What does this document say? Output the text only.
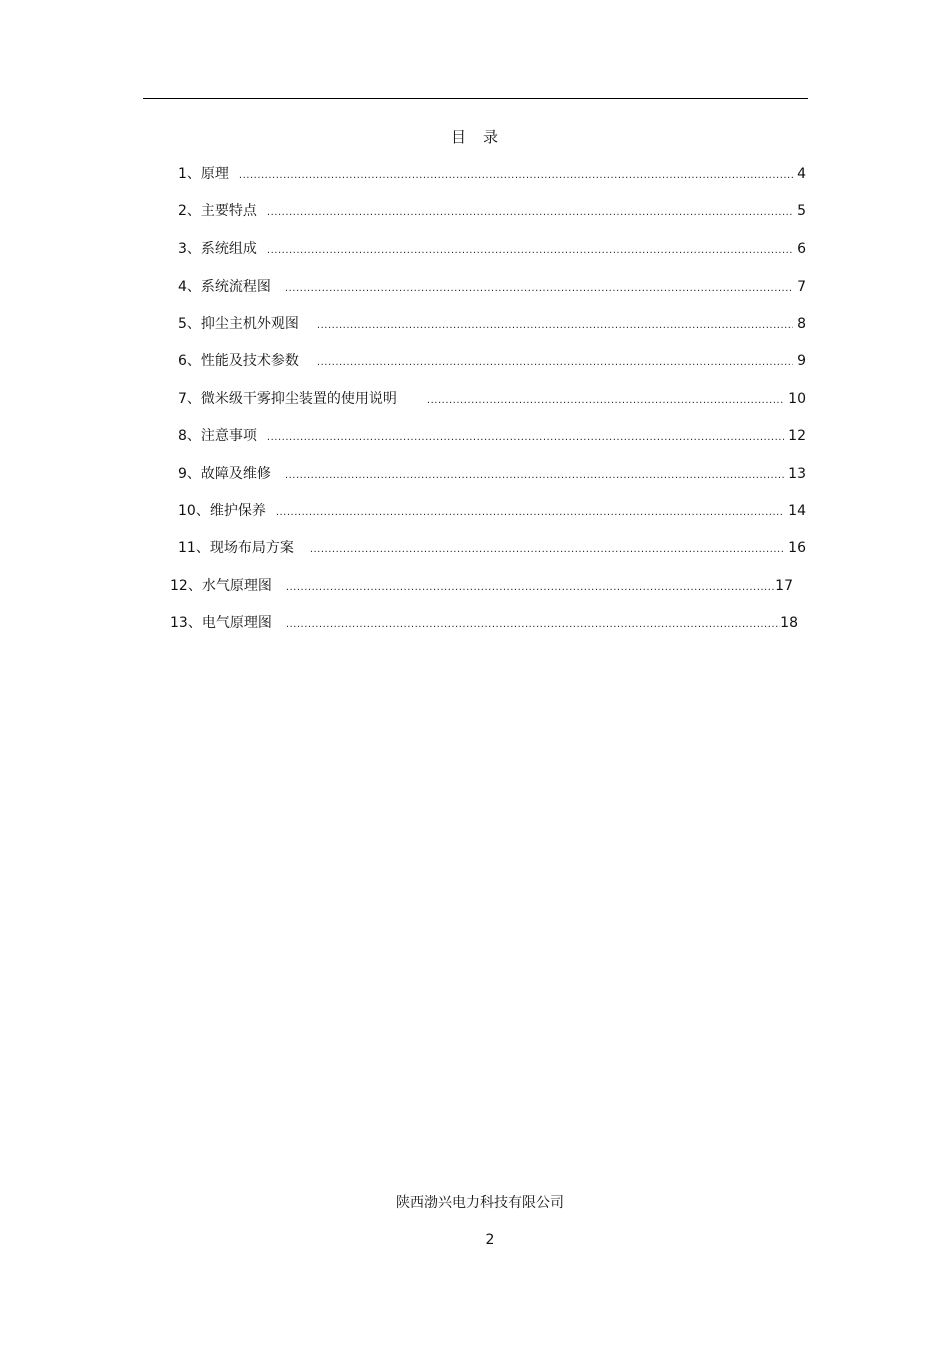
目　录
1、原理 .....	4
2、主要特点 .....	5
3、系统组成 .....	6
4、系统流程图 .....	7
5、抑尘主机外观图 .....	8
6、性能及技术参数 .....	9
7、微米级干雾抑尘装置的使用说明 .....	10
8、注意事项 .....	12
9、故障及维修 .....	13
10、维护保养 .....	14
11、现场布局方案 .....	16
12、水气原理图 .....	17
13、电气原理图 .....	18
陕西渤兴电力科技有限公司
2
